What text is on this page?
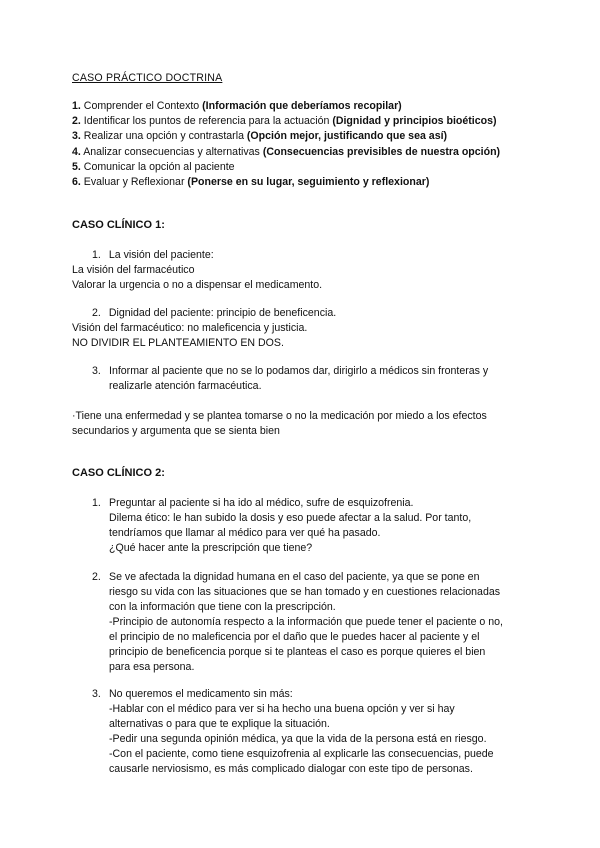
CASO PRÁCTICO DOCTRINA
1. Comprender el Contexto (Información que deberíamos recopilar)
2. Identificar los puntos de referencia para la actuación (Dignidad y principios bioéticos)
3. Realizar una opción y contrastarla (Opción mejor, justificando que sea así)
4. Analizar consecuencias y alternativas (Consecuencias previsibles de nuestra opción)
5. Comunicar la opción al paciente
6. Evaluar y Reflexionar (Ponerse en su lugar, seguimiento y reflexionar)
CASO CLÍNICO 1:
1. La visión del paciente:
La visión del farmacéutico
Valorar la urgencia o no a dispensar el medicamento.
2. Dignidad del paciente: principio de beneficencia.
Visión del farmacéutico: no maleficencia y justicia.
NO DIVIDIR EL PLANTEAMIENTO EN DOS.
3. Informar al paciente que no se lo podamos dar, dirigirlo a médicos sin fronteras y
realizarle atención farmacéutica.
·Tiene una enfermedad y se plantea tomarse o no la medicación por miedo a los efectos
secundarios y argumenta que se sienta bien
CASO CLÍNICO 2:
1. Preguntar al paciente si ha ido al médico, sufre de esquizofrenia.
Dilema ético: le han subido la dosis y eso puede afectar a la salud. Por tanto,
tendríamos que llamar al médico para ver qué ha pasado.
¿Qué hacer ante la prescripción que tiene?
2. Se ve afectada la dignidad humana en el caso del paciente, ya que se pone en
riesgo su vida con las situaciones que se han tomado y en cuestiones relacionadas
con la información que tiene con la prescripción.
-Principio de autonomía respecto a la información que puede tener el paciente o no,
el principio de no maleficencia por el daño que le puedes hacer al paciente y el
principio de beneficencia porque si te planteas el caso es porque quieres el bien
para esa persona.
3. No queremos el medicamento sin más:
-Hablar con el médico para ver si ha hecho una buena opción y ver si hay
alternativas o para que te explique la situación.
-Pedir una segunda opinión médica, ya que la vida de la persona está en riesgo.
-Con el paciente, como tiene esquizofrenia al explicarle las consecuencias, puede
causarle nerviosismo, es más complicado dialogar con este tipo de personas.
